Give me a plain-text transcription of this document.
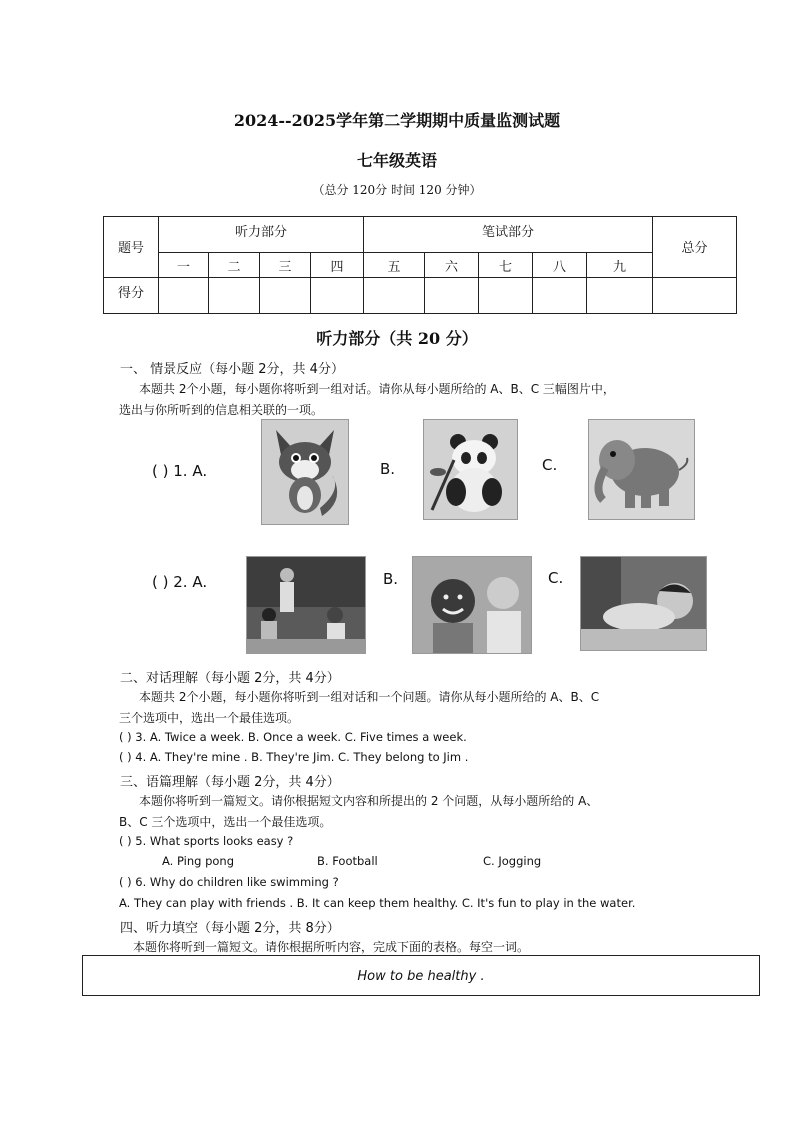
2024--2025学年第二学期期中质量监测试题
七年级英语
（总分 120分 时间 120 分钟）
题号	听力部分				笔试部分					总分
	一	二	三	四	五	六	七	八	九	
得分										
听力部分（共 20 分）
一、 情景反应（每小题 2分，共 4分）
本题共 2个小题，每小题你将听到一组对话。请你从每小题所给的 A、B、C 三幅图片中，
选出与你所听到的信息相关联的一项。
( ) 1. A.	B.	C.
( ) 2. A.	B.	C.
二、对话理解（每小题 2分，共 4分）
本题共 2个小题，每小题你将听到一组对话和一个问题。请你从每小题所给的 A、B、C
三个选项中，选出一个最佳选项。
( ) 3. A. Twice a week. B. Once a week. C. Five times a week.
( ) 4. A. They're mine . B. They're Jim. C. They belong to Jim .
三、语篇理解（每小题 2分，共 4分）
本题你将听到一篇短文。请你根据短文内容和所提出的 2 个问题，从每小题所给的 A、
B、C 三个选项中，选出一个最佳选项。
( ) 5. What sports looks easy ?
A. Ping pong	B. Football	C. Jogging
( ) 6. Why do children like swimming ?
A. They can play with friends . B. It can keep them healthy. C. It's fun to play in the water.
四、听力填空（每小题 2分，共 8分）
本题你将听到一篇短文。请你根据所听内容，完成下面的表格。每空一词。
How to be healthy .
